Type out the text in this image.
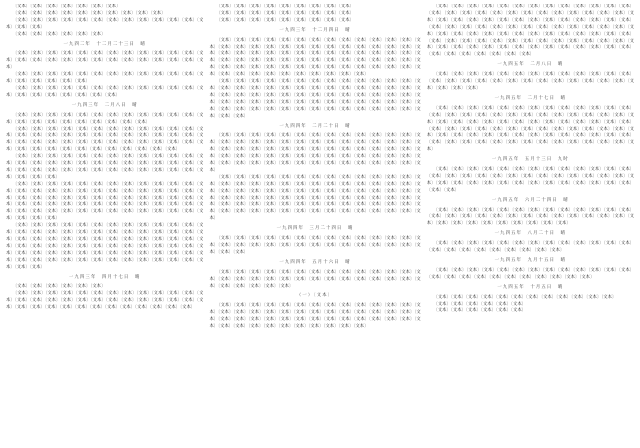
〔文本〕〔文本〕〔文本〕〔文本〕〔文本〕〔文本〕〔文本〕

〔文本〕〔文本〕〔文本〕〔文本〕〔文本〕〔文本〕〔文本〕〔文本〕〔文本〕〔文本〕

〔文本〕〔文本〕〔文本〕〔文本〕〔文本〕〔文本〕〔文本〕〔文本〕〔文本〕〔文本〕〔文本〕〔文本〕〔文本〕〔文本〕〔文本〕

〔文本〕〔文本〕〔文本〕〔文本〕〔文本〕〔文本〕

一九四二年　十二月二十三日　晴

〔文本〕〔文本〕〔文本〕〔文本〕〔文本〕〔文本〕〔文本〕〔文本〕〔文本〕〔文本〕〔文本〕〔文本〕〔文本〕〔文本〕〔文本〕〔文本〕〔文本〕〔文本〕〔文本〕〔文本〕〔文本〕〔文本〕〔文本〕〔文本〕〔文本〕〔文本〕

〔文本〕〔文本〕〔文本〕〔文本〕〔文本〕〔文本〕〔文本〕〔文本〕〔文本〕〔文本〕〔文本〕〔文本〕〔文本〕〔文本〕〔文本〕〔文本〕〔文本〕〔文本〕

〔文本〕〔文本〕〔文本〕〔文本〕〔文本〕〔文本〕〔文本〕〔文本〕〔文本〕〔文本〕〔文本〕〔文本〕〔文本〕〔文本〕〔文本〕〔文本〕〔文本〕〔文本〕〔文本〕〔文本〕

一九四三年　二月八日　晴

〔文本〕〔文本〕〔文本〕〔文本〕〔文本〕〔文本〕〔文本〕〔文本〕〔文本〕〔文本〕〔文本〕〔文本〕〔文本〕〔文本〕〔文本〕〔文本〕〔文本〕〔文本〕〔文本〕〔文本〕〔文本〕〔文本〕

〔文本〕〔文本〕〔文本〕〔文本〕〔文本〕〔文本〕〔文本〕〔文本〕〔文本〕〔文本〕〔文本〕〔文本〕〔文本〕〔文本〕〔文本〕〔文本〕〔文本〕〔文本〕〔文本〕〔文本〕〔文本〕〔文本〕〔文本〕〔文本〕〔文本〕〔文本〕〔文本〕〔文本〕〔文本〕〔文本〕〔文本〕〔文本〕〔文本〕〔文本〕〔文本〕〔文本〕〔文本〕〔文本〕〔文本〕〔文本〕〔文本〕〔文本〕〔文本〕〔文本〕〔文本〕〔文本〕〔文本〕〔文本〕〔文本〕〔文本〕

〔文本〕〔文本〕〔文本〕〔文本〕〔文本〕〔文本〕〔文本〕〔文本〕〔文本〕〔文本〕〔文本〕〔文本〕〔文本〕〔文本〕〔文本〕〔文本〕〔文本〕〔文本〕〔文本〕〔文本〕〔文本〕〔文本〕〔文本〕〔文本〕〔文本〕〔文本〕〔文本〕〔文本〕〔文本〕〔文本〕〔文本〕〔文本〕〔文本〕〔文本〕〔文本〕〔文本〕〔文本〕〔文本〕〔文本〕〔文本〕〔文本〕〔文本〕

〔文本〕〔文本〕〔文本〕〔文本〕〔文本〕〔文本〕〔文本〕〔文本〕〔文本〕〔文本〕〔文本〕〔文本〕〔文本〕〔文本〕〔文本〕〔文本〕〔文本〕〔文本〕〔文本〕〔文本〕〔文本〕〔文本〕〔文本〕〔文本〕〔文本〕〔文本〕〔文本〕〔文本〕〔文本〕〔文本〕〔文本〕〔文本〕〔文本〕〔文本〕〔文本〕〔文本〕〔文本〕〔文本〕〔文本〕〔文本〕〔文本〕〔文本〕〔文本〕〔文本〕〔文本〕〔文本〕〔文本〕〔文本〕〔文本〕〔文本〕〔文本〕〔文本〕〔文本〕〔文本〕〔文本〕〔文本〕〔文本〕〔文本〕〔文本〕〔文本〕〔文本〕〔文本〕〔文本〕〔文本〕〔文本〕〔文本〕〔文本〕〔文本〕

〔文本〕〔文本〕〔文本〕〔文本〕〔文本〕〔文本〕〔文本〕〔文本〕〔文本〕〔文本〕〔文本〕〔文本〕〔文本〕〔文本〕〔文本〕〔文本〕〔文本〕〔文本〕〔文本〕〔文本〕〔文本〕〔文本〕〔文本〕〔文本〕〔文本〕〔文本〕〔文本〕〔文本〕〔文本〕〔文本〕〔文本〕〔文本〕〔文本〕〔文本〕〔文本〕〔文本〕〔文本〕〔文本〕〔文本〕〔文本〕〔文本〕〔文本〕〔文本〕〔文本〕〔文本〕〔文本〕〔文本〕〔文本〕〔文本〕〔文本〕〔文本〕〔文本〕〔文本〕〔文本〕〔文本〕〔文本〕〔文本〕〔文本〕〔文本〕〔文本〕〔文本〕〔文本〕〔文本〕〔文本〕〔文本〕〔文本〕〔文本〕〔文本〕〔文本〕〔文本〕〔文本〕〔文本〕〔文本〕〔文本〕〔文本〕〔文本〕〔文本〕〔文本〕〔文本〕〔文本〕

一九四三年　四月十七日　晴

〔文本〕〔文本〕〔文本〕〔文本〕〔文本〕〔文本〕

〔文本〕〔文本〕〔文本〕〔文本〕〔文本〕〔文本〕〔文本〕〔文本〕〔文本〕〔文本〕〔文本〕〔文本〕〔文本〕〔文本〕〔文本〕〔文本〕〔文本〕〔文本〕〔文本〕〔文本〕〔文本〕〔文本〕〔文本〕〔文本〕〔文本〕〔文本〕〔文本〕〔文本〕〔文本〕〔文本〕〔文本〕〔文本〕〔文本〕〔文本〕〔文本〕〔文本〕〔文本〕〔文本〕

〔文本〕〔文本〕〔文本〕〔文本〕〔文本〕〔文本〕〔文本〕〔文本〕〔文本〕

〔文本〕〔文本〕〔文本〕〔文本〕〔文本〕〔文本〕〔文本〕〔文本〕〔文本〕

〔文本〕〔文本〕〔文本〕〔文本〕〔文本〕〔文本〕〔文本〕〔文本〕〔文本〕

一九四三年　十二月四日　晴

〔文本〕〔文本〕〔文本〕〔文本〕〔文本〕〔文本〕〔文本〕〔文本〕〔文本〕〔文本〕〔文本〕〔文本〕〔文本〕〔文本〕〔文本〕〔文本〕〔文本〕〔文本〕〔文本〕〔文本〕〔文本〕〔文本〕〔文本〕〔文本〕〔文本〕〔文本〕〔文本〕〔文本〕〔文本〕〔文本〕〔文本〕〔文本〕〔文本〕〔文本〕〔文本〕〔文本〕〔文本〕〔文本〕〔文本〕〔文本〕〔文本〕〔文本〕〔文本〕〔文本〕〔文本〕〔文本〕〔文本〕〔文本〕〔文本〕〔文本〕〔文本〕〔文本〕〔文本〕〔文本〕〔文本〕〔文本〕〔文本〕〔文本〕〔文本〕〔文本〕〔文本〕〔文本〕〔文本〕〔文本〕〔文本〕〔文本〕〔文本〕〔文本〕〔文本〕〔文本〕〔文本〕〔文本〕〔文本〕〔文本〕〔文本〕〔文本〕〔文本〕〔文本〕〔文本〕〔文本〕

〔文本〕〔文本〕〔文本〕〔文本〕〔文本〕〔文本〕〔文本〕〔文本〕〔文本〕〔文本〕〔文本〕〔文本〕〔文本〕〔文本〕〔文本〕〔文本〕〔文本〕〔文本〕〔文本〕〔文本〕〔文本〕〔文本〕〔文本〕〔文本〕〔文本〕〔文本〕〔文本〕〔文本〕〔文本〕〔文本〕〔文本〕〔文本〕〔文本〕〔文本〕〔文本〕〔文本〕〔文本〕〔文本〕〔文本〕〔文本〕〔文本〕〔文本〕〔文本〕〔文本〕〔文本〕〔文本〕〔文本〕〔文本〕〔文本〕〔文本〕〔文本〕〔文本〕〔文本〕〔文本〕〔文本〕〔文本〕〔文本〕〔文本〕〔文本〕〔文本〕〔文本〕〔文本〕〔文本〕〔文本〕〔文本〕〔文本〕〔文本〕〔文本〕〔文本〕〔文本〕〔文本〕〔文本〕

一九四四年　二月二十日　晴

〔文本〕〔文本〕〔文本〕〔文本〕〔文本〕〔文本〕〔文本〕〔文本〕〔文本〕〔文本〕〔文本〕〔文本〕〔文本〕〔文本〕〔文本〕〔文本〕〔文本〕〔文本〕〔文本〕〔文本〕〔文本〕〔文本〕〔文本〕〔文本〕〔文本〕〔文本〕〔文本〕〔文本〕〔文本〕〔文本〕〔文本〕〔文本〕〔文本〕〔文本〕〔文本〕〔文本〕〔文本〕〔文本〕〔文本〕〔文本〕〔文本〕〔文本〕〔文本〕〔文本〕〔文本〕〔文本〕〔文本〕〔文本〕〔文本〕〔文本〕〔文本〕〔文本〕〔文本〕〔文本〕〔文本〕〔文本〕〔文本〕〔文本〕〔文本〕〔文本〕〔文本〕〔文本〕〔文本〕〔文本〕〔文本〕〔文本〕〔文本〕〔文本〕〔文本〕〔文本〕

〔文本〕〔文本〕〔文本〕〔文本〕〔文本〕〔文本〕〔文本〕〔文本〕〔文本〕〔文本〕〔文本〕〔文本〕〔文本〕〔文本〕〔文本〕〔文本〕〔文本〕〔文本〕〔文本〕〔文本〕〔文本〕〔文本〕〔文本〕〔文本〕〔文本〕〔文本〕〔文本〕〔文本〕〔文本〕〔文本〕〔文本〕〔文本〕〔文本〕〔文本〕〔文本〕〔文本〕〔文本〕〔文本〕〔文本〕〔文本〕〔文本〕〔文本〕〔文本〕〔文本〕〔文本〕〔文本〕〔文本〕〔文本〕〔文本〕〔文本〕〔文本〕〔文本〕〔文本〕〔文本〕〔文本〕〔文本〕〔文本〕〔文本〕〔文本〕〔文本〕〔文本〕〔文本〕〔文本〕〔文本〕〔文本〕〔文本〕〔文本〕〔文本〕〔文本〕〔文本〕〔文本〕〔文本〕〔文本〕〔文本〕〔文本〕〔文本〕〔文本〕〔文本〕〔文本〕〔文本〕〔文本〕〔文本〕〔文本〕〔文本〕

一九四四年　三月二十四日　晴

〔文本〕〔文本〕〔文本〕〔文本〕〔文本〕〔文本〕〔文本〕〔文本〕〔文本〕〔文本〕〔文本〕〔文本〕〔文本〕〔文本〕〔文本〕〔文本〕〔文本〕〔文本〕〔文本〕〔文本〕〔文本〕〔文本〕〔文本〕〔文本〕〔文本〕〔文本〕〔文本〕〔文本〕〔文本〕〔文本〕

一九四四年　五月十六日　晴

〔文本〕〔文本〕〔文本〕〔文本〕〔文本〕〔文本〕〔文本〕〔文本〕〔文本〕〔文本〕〔文本〕〔文本〕〔文本〕〔文本〕〔文本〕〔文本〕〔文本〕〔文本〕〔文本〕〔文本〕〔文本〕〔文本〕〔文本〕〔文本〕〔文本〕〔文本〕〔文本〕〔文本〕〔文本〕〔文本〕〔文本〕〔文本〕〔文本〕

（一）〔文本〕

〔文本〕〔文本〕〔文本〕〔文本〕〔文本〕〔文本〕〔文本〕〔文本〕〔文本〕〔文本〕〔文本〕〔文本〕〔文本〕〔文本〕〔文本〕〔文本〕〔文本〕〔文本〕〔文本〕〔文本〕〔文本〕〔文本〕〔文本〕〔文本〕〔文本〕〔文本〕〔文本〕〔文本〕〔文本〕〔文本〕〔文本〕〔文本〕〔文本〕〔文本〕〔文本〕〔文本〕〔文本〕〔文本〕〔文本〕〔文本〕〔文本〕〔文本〕〔文本〕〔文本〕〔文本〕〔文本〕〔文本〕〔文本〕〔文本〕〔文本〕〔文本〕〔文本〕

〔文本〕〔文本〕〔文本〕〔文本〕〔文本〕〔文本〕〔文本〕〔文本〕〔文本〕〔文本〕〔文本〕〔文本〕〔文本〕〔文本〕〔文本〕〔文本〕〔文本〕〔文本〕〔文本〕〔文本〕〔文本〕〔文本〕〔文本〕〔文本〕〔文本〕〔文本〕〔文本〕〔文本〕〔文本〕〔文本〕〔文本〕〔文本〕〔文本〕〔文本〕〔文本〕〔文本〕〔文本〕〔文本〕〔文本〕〔文本〕〔文本〕〔文本〕〔文本〕〔文本〕〔文本〕〔文本〕〔文本〕〔文本〕〔文本〕〔文本〕〔文本〕〔文本〕〔文本〕〔文本〕〔文本〕〔文本〕〔文本〕〔文本〕〔文本〕〔文本〕〔文本〕〔文本〕〔文本〕〔文本〕〔文本〕〔文本〕〔文本〕〔文本〕〔文本〕〔文本〕〔文本〕〔文本〕〔文本〕〔文本〕〔文本〕〔文本〕〔文本〕〔文本〕〔文本〕〔文本〕〔文本〕〔文本〕〔文本〕〔文本〕〔文本〕〔文本〕〔文本〕〔文本〕〔文本〕〔文本〕〔文本〕〔文本〕〔文本〕〔文本〕〔文本〕〔文本〕〔文本〕〔文本〕〔文本〕〔文本〕〔文本〕

一九四五年　二月八日　晴

〔文本〕〔文本〕〔文本〕〔文本〕〔文本〕〔文本〕〔文本〕〔文本〕〔文本〕〔文本〕〔文本〕〔文本〕〔文本〕〔文本〕〔文本〕〔文本〕〔文本〕〔文本〕〔文本〕〔文本〕〔文本〕〔文本〕〔文本〕〔文本〕〔文本〕〔文本〕〔文本〕〔文本〕〔文本〕〔文本〕

一九四五年　二月十七日　晴

〔文本〕〔文本〕〔文本〕〔文本〕〔文本〕〔文本〕〔文本〕〔文本〕〔文本〕〔文本〕〔文本〕〔文本〕〔文本〕〔文本〕〔文本〕〔文本〕〔文本〕〔文本〕〔文本〕〔文本〕〔文本〕〔文本〕〔文本〕〔文本〕〔文本〕〔文本〕〔文本〕〔文本〕〔文本〕〔文本〕〔文本〕〔文本〕〔文本〕〔文本〕〔文本〕〔文本〕〔文本〕〔文本〕〔文本〕〔文本〕〔文本〕〔文本〕〔文本〕〔文本〕〔文本〕〔文本〕〔文本〕〔文本〕〔文本〕〔文本〕〔文本〕〔文本〕〔文本〕〔文本〕〔文本〕〔文本〕〔文本〕〔文本〕〔文本〕〔文本〕〔文本〕〔文本〕〔文本〕〔文本〕〔文本〕〔文本〕〔文本〕〔文本〕〔文本〕〔文本〕〔文本〕〔文本〕〔文本〕〔文本〕〔文本〕〔文本〕〔文本〕〔文本〕〔文本〕〔文本〕〔文本〕

一九四五年　五月十三日　九时

〔文本〕〔文本〕〔文本〕〔文本〕〔文本〕〔文本〕〔文本〕〔文本〕〔文本〕〔文本〕〔文本〕〔文本〕〔文本〕〔文本〕〔文本〕〔文本〕〔文本〕〔文本〕〔文本〕〔文本〕〔文本〕〔文本〕〔文本〕〔文本〕〔文本〕〔文本〕〔文本〕〔文本〕〔文本〕〔文本〕〔文本〕〔文本〕〔文本〕〔文本〕〔文本〕〔文本〕〔文本〕〔文本〕〔文本〕〔文本〕〔文本〕〔文本〕

一九四五年　六月二十四日　晴

〔文本〕〔文本〕〔文本〕〔文本〕〔文本〕〔文本〕〔文本〕〔文本〕〔文本〕〔文本〕〔文本〕〔文本〕〔文本〕〔文本〕〔文本〕〔文本〕〔文本〕〔文本〕〔文本〕〔文本〕〔文本〕〔文本〕〔文本〕〔文本〕〔文本〕〔文本〕〔文本〕〔文本〕〔文本〕〔文本〕〔文本〕〔文本〕〔文本〕〔文本〕〔文本〕〔文本〕

一九四五年　八月二十日　晴

〔文本〕〔文本〕〔文本〕〔文本〕〔文本〕〔文本〕〔文本〕〔文本〕〔文本〕〔文本〕〔文本〕〔文本〕〔文本〕〔文本〕〔文本〕〔文本〕〔文本〕〔文本〕〔文本〕〔文本〕〔文本〕〔文本〕

一九四五年　九月十五日　晴

〔文本〕〔文本〕〔文本〕〔文本〕〔文本〕〔文本〕〔文本〕〔文本〕〔文本〕〔文本〕〔文本〕〔文本〕〔文本〕〔文本〕〔文本〕〔文本〕〔文本〕〔文本〕〔文本〕〔文本〕〔文本〕〔文本〕〔文本〕〔文本〕

一九四五年　十月五日　晴

〔文本〕〔文本〕〔文本〕〔文本〕〔文本〕〔文本〕〔文本〕〔文本〕〔文本〕〔文本〕〔文本〕〔文本〕

〔文本〕〔文本〕〔文本〕〔文本〕〔文本〕〔文本〕

〔文本〕〔文本〕〔文本〕〔文本〕〔文本〕〔文本〕
